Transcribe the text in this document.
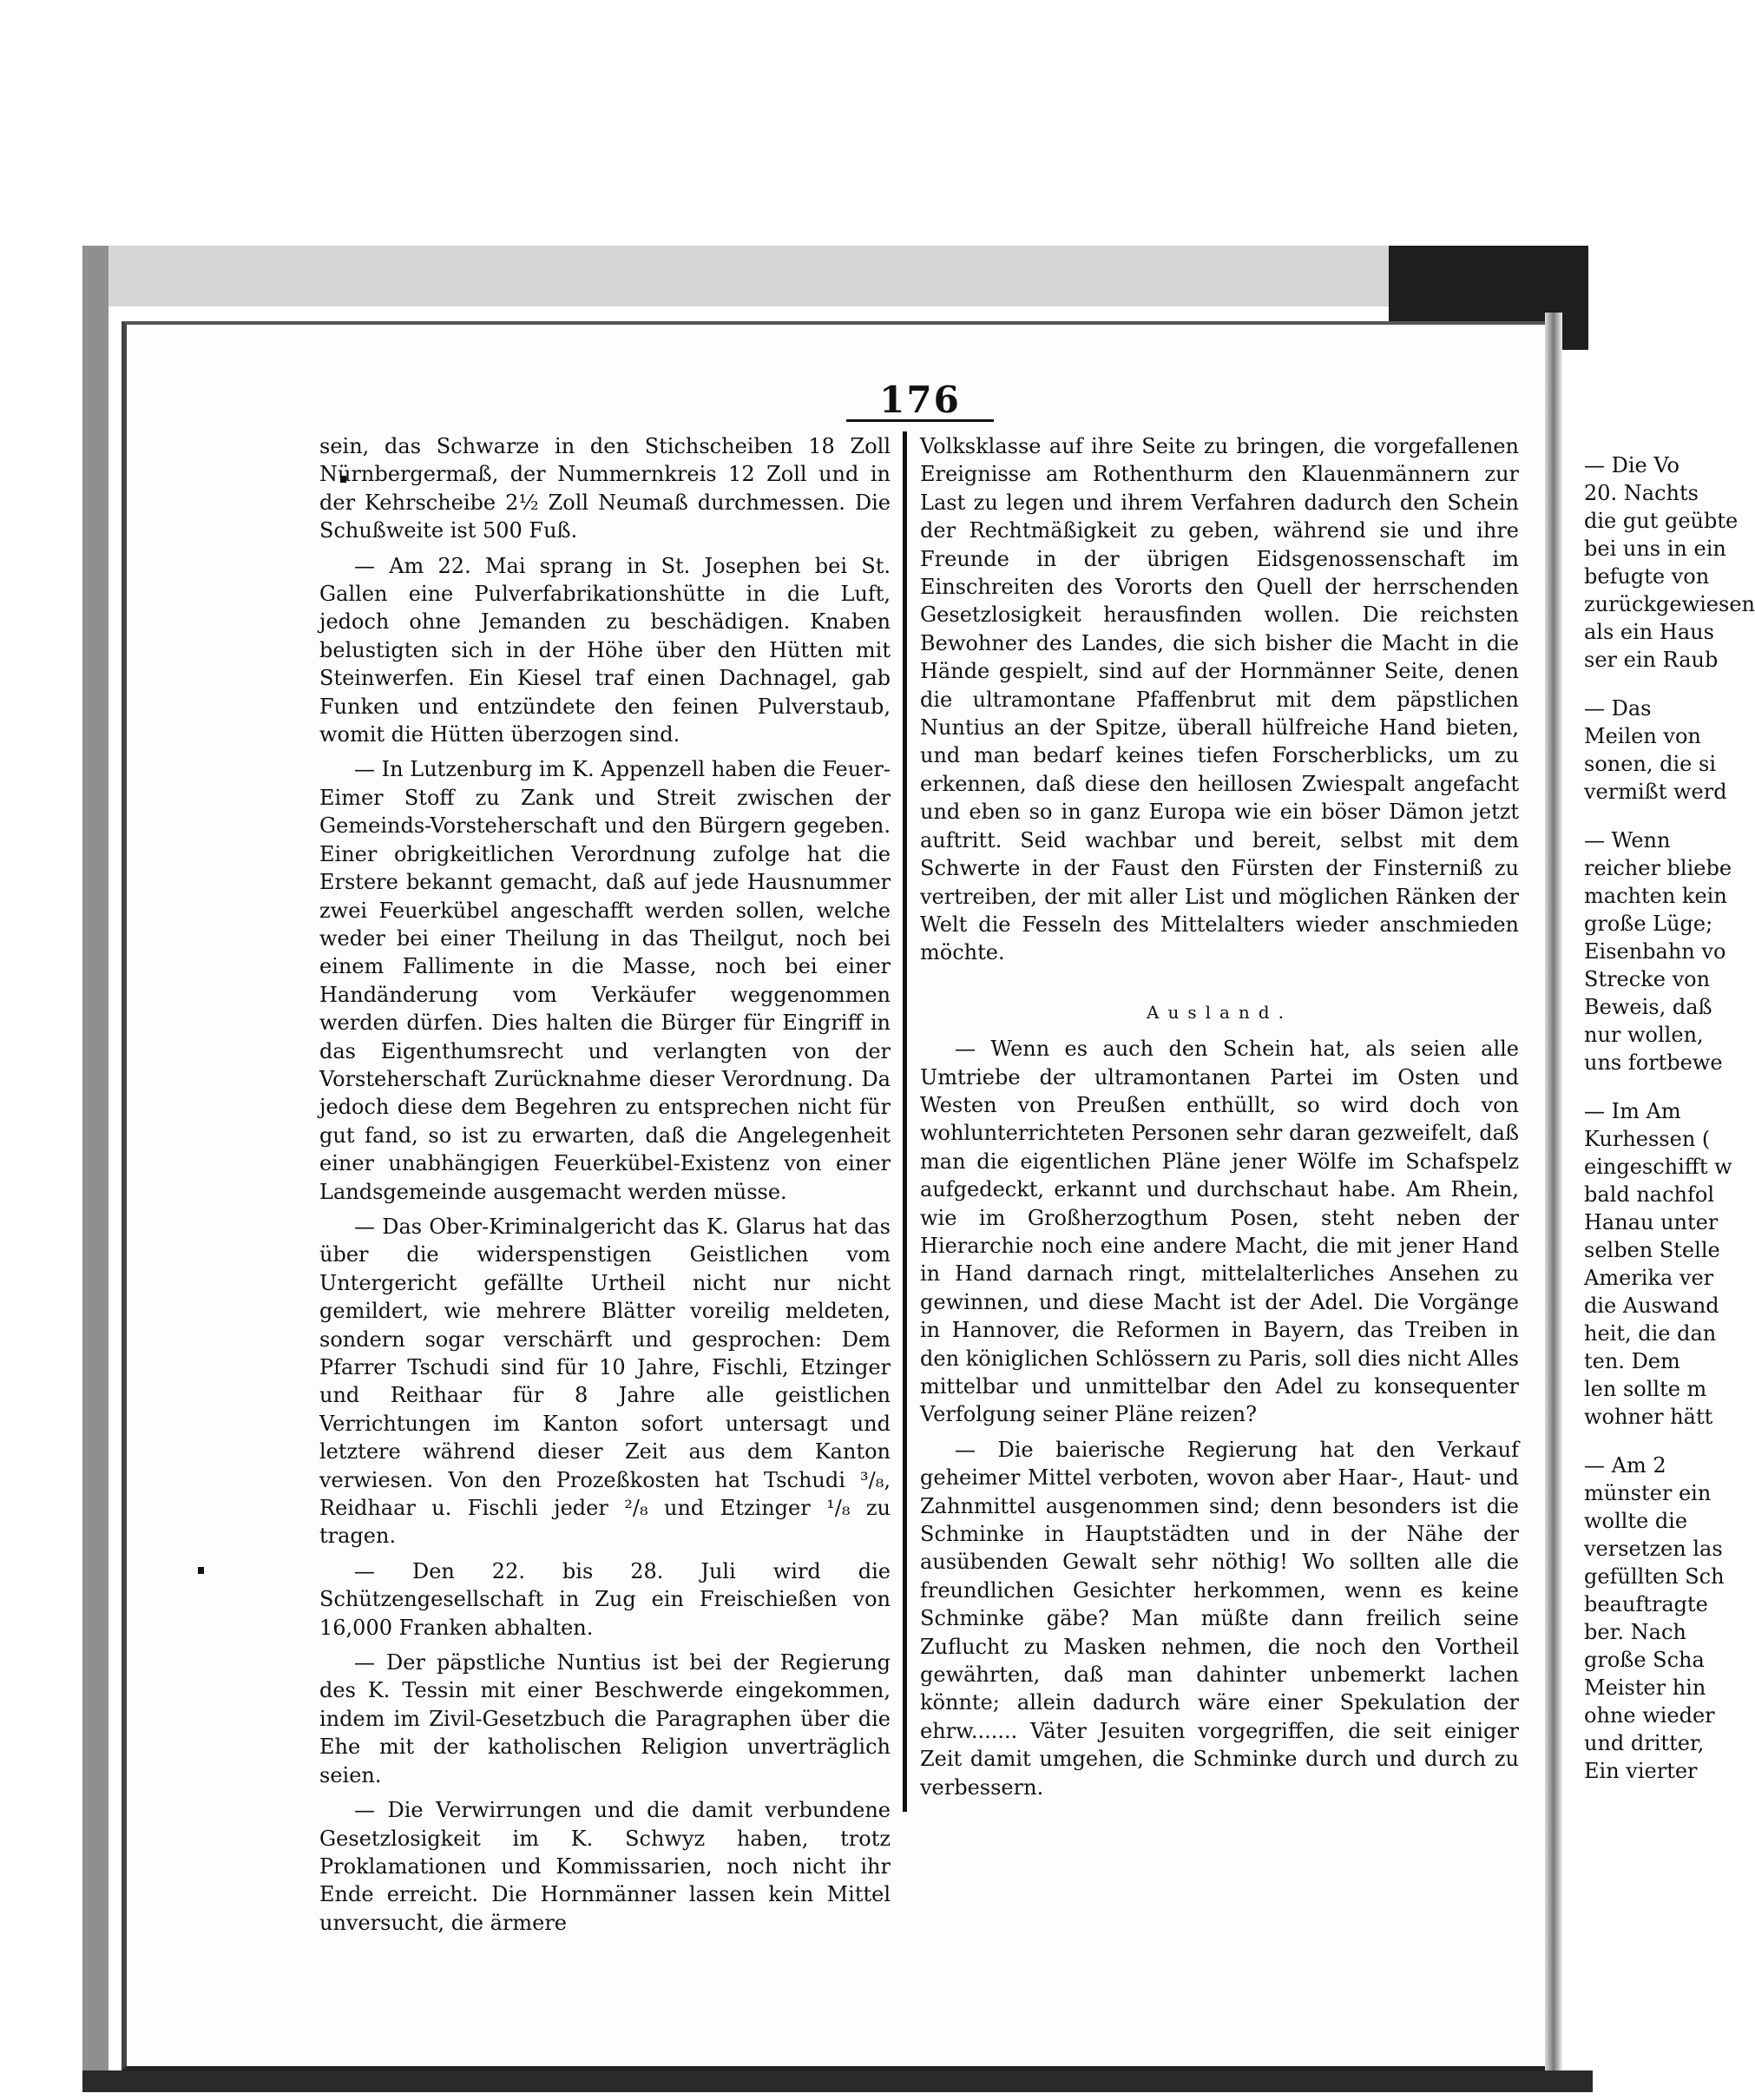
176

sein, das Schwarze in den Stichscheiben 18 Zoll Nürnbergermaß, der Nummernkreis 12 Zoll und in der Kehrscheibe 2½ Zoll Neumaß durchmessen. Die Schußweite ist 500 Fuß.

— Am 22. Mai sprang in St. Josephen bei St. Gallen eine Pulverfabrikationshütte in die Luft, jedoch ohne Jemanden zu beschädigen. Knaben belustigten sich in der Höhe über den Hütten mit Steinwerfen. Ein Kiesel traf einen Dachnagel, gab Funken und entzündete den feinen Pulverstaub, womit die Hütten überzogen sind.

— In Lutzenburg im K. Appenzell haben die Feuer-Eimer Stoff zu Zank und Streit zwischen der Gemeinds-Vorsteherschaft und den Bürgern gegeben. Einer obrigkeitlichen Verordnung zufolge hat die Erstere bekannt gemacht, daß auf jede Hausnummer zwei Feuerkübel angeschafft werden sollen, welche weder bei einer Theilung in das Theilgut, noch bei einem Fallimente in die Masse, noch bei einer Handänderung vom Verkäufer weggenommen werden dürfen. Dies halten die Bürger für Eingriff in das Eigenthumsrecht und verlangten von der Vorsteherschaft Zurücknahme dieser Verordnung. Da jedoch diese dem Begehren zu entsprechen nicht für gut fand, so ist zu erwarten, daß die Angelegenheit einer unabhängigen Feuerkübel-Existenz von einer Landsgemeinde ausgemacht werden müsse.

— Das Ober-Kriminalgericht das K. Glarus hat das über die widerspenstigen Geistlichen vom Untergericht gefällte Urtheil nicht nur nicht gemildert, wie mehrere Blätter voreilig meldeten, sondern sogar verschärft und gesprochen: Dem Pfarrer Tschudi sind für 10 Jahre, Fischli, Etzinger und Reithaar für 8 Jahre alle geistlichen Verrichtungen im Kanton sofort untersagt und letztere während dieser Zeit aus dem Kanton verwiesen. Von den Prozeßkosten hat Tschudi ³/₈, Reidhaar u. Fischli jeder ²/₈ und Etzinger ¹/₈ zu tragen.

— Den 22. bis 28. Juli wird die Schützengesellschaft in Zug ein Freischießen von 16,000 Franken abhalten.

— Der päpstliche Nuntius ist bei der Regierung des K. Tessin mit einer Beschwerde eingekommen, indem im Zivil-Gesetzbuch die Paragraphen über die Ehe mit der katholischen Religion unverträglich seien.

— Die Verwirrungen und die damit verbundene Gesetzlosigkeit im K. Schwyz haben, trotz Proklamationen und Kommissarien, noch nicht ihr Ende erreicht. Die Hornmänner lassen kein Mittel unversucht, die ärmere

Volksklasse auf ihre Seite zu bringen, die vorgefallenen Ereignisse am Rothenthurm den Klauenmännern zur Last zu legen und ihrem Verfahren dadurch den Schein der Rechtmäßigkeit zu geben, während sie und ihre Freunde in der übrigen Eidsgenossenschaft im Einschreiten des Vororts den Quell der herrschenden Gesetzlosigkeit herausfinden wollen. Die reichsten Bewohner des Landes, die sich bisher die Macht in die Hände gespielt, sind auf der Hornmänner Seite, denen die ultramontane Pfaffenbrut mit dem päpstlichen Nuntius an der Spitze, überall hülfreiche Hand bieten, und man bedarf keines tiefen Forscherblicks, um zu erkennen, daß diese den heillosen Zwiespalt angefacht und eben so in ganz Europa wie ein böser Dämon jetzt auftritt. Seid wachbar und bereit, selbst mit dem Schwerte in der Faust den Fürsten der Finsterniß zu vertreiben, der mit aller List und möglichen Ränken der Welt die Fesseln des Mittelalters wieder anschmieden möchte.

Ausland.

— Wenn es auch den Schein hat, als seien alle Umtriebe der ultramontanen Partei im Osten und Westen von Preußen enthüllt, so wird doch von wohlunterrichteten Personen sehr daran gezweifelt, daß man die eigentlichen Pläne jener Wölfe im Schafspelz aufgedeckt, erkannt und durchschaut habe. Am Rhein, wie im Großherzogthum Posen, steht neben der Hierarchie noch eine andere Macht, die mit jener Hand in Hand darnach ringt, mittelalterliches Ansehen zu gewinnen, und diese Macht ist der Adel. Die Vorgänge in Hannover, die Reformen in Bayern, das Treiben in den königlichen Schlössern zu Paris, soll dies nicht Alles mittelbar und unmittelbar den Adel zu konsequenter Verfolgung seiner Pläne reizen?

— Die baierische Regierung hat den Verkauf geheimer Mittel verboten, wovon aber Haar-, Haut- und Zahnmittel ausgenommen sind; denn besonders ist die Schminke in Hauptstädten und in der Nähe der ausübenden Gewalt sehr nöthig! Wo sollten alle die freundlichen Gesichter herkommen, wenn es keine Schminke gäbe? Man müßte dann freilich seine Zuflucht zu Masken nehmen, die noch den Vortheil gewährten, daß man dahinter unbemerkt lachen könnte; allein dadurch wäre einer Spekulation der ehrw....... Väter Jesuiten vorgegriffen, die seit einiger Zeit damit umgehen, die Schminke durch und durch zu verbessern.

— Die Vo
20. Nachts
die gut geübte
bei uns in ein
befugte von
zurückgewiesen
als ein Haus
ser ein Raub
— Das
Meilen von
sonen, die si
vermißt werd
— Wenn
reicher bliebe
machten kein
große Lüge;
Eisenbahn vo
Strecke von
Beweis, daß
nur wollen,
uns fortbewe
— Im Am
Kurhessen (
eingeschifft w
bald nachfol
Hanau unter
selben Stelle
Amerika ver
die Auswand
heit, die dan
ten. Dem
len sollte m
wohner hätt
— Am 2
münster ein
wollte die
versetzen las
gefüllten Sch
beauftragte
ber. Nach
große Scha
Meister hin
ohne wieder
und dritter,
Ein vierter
